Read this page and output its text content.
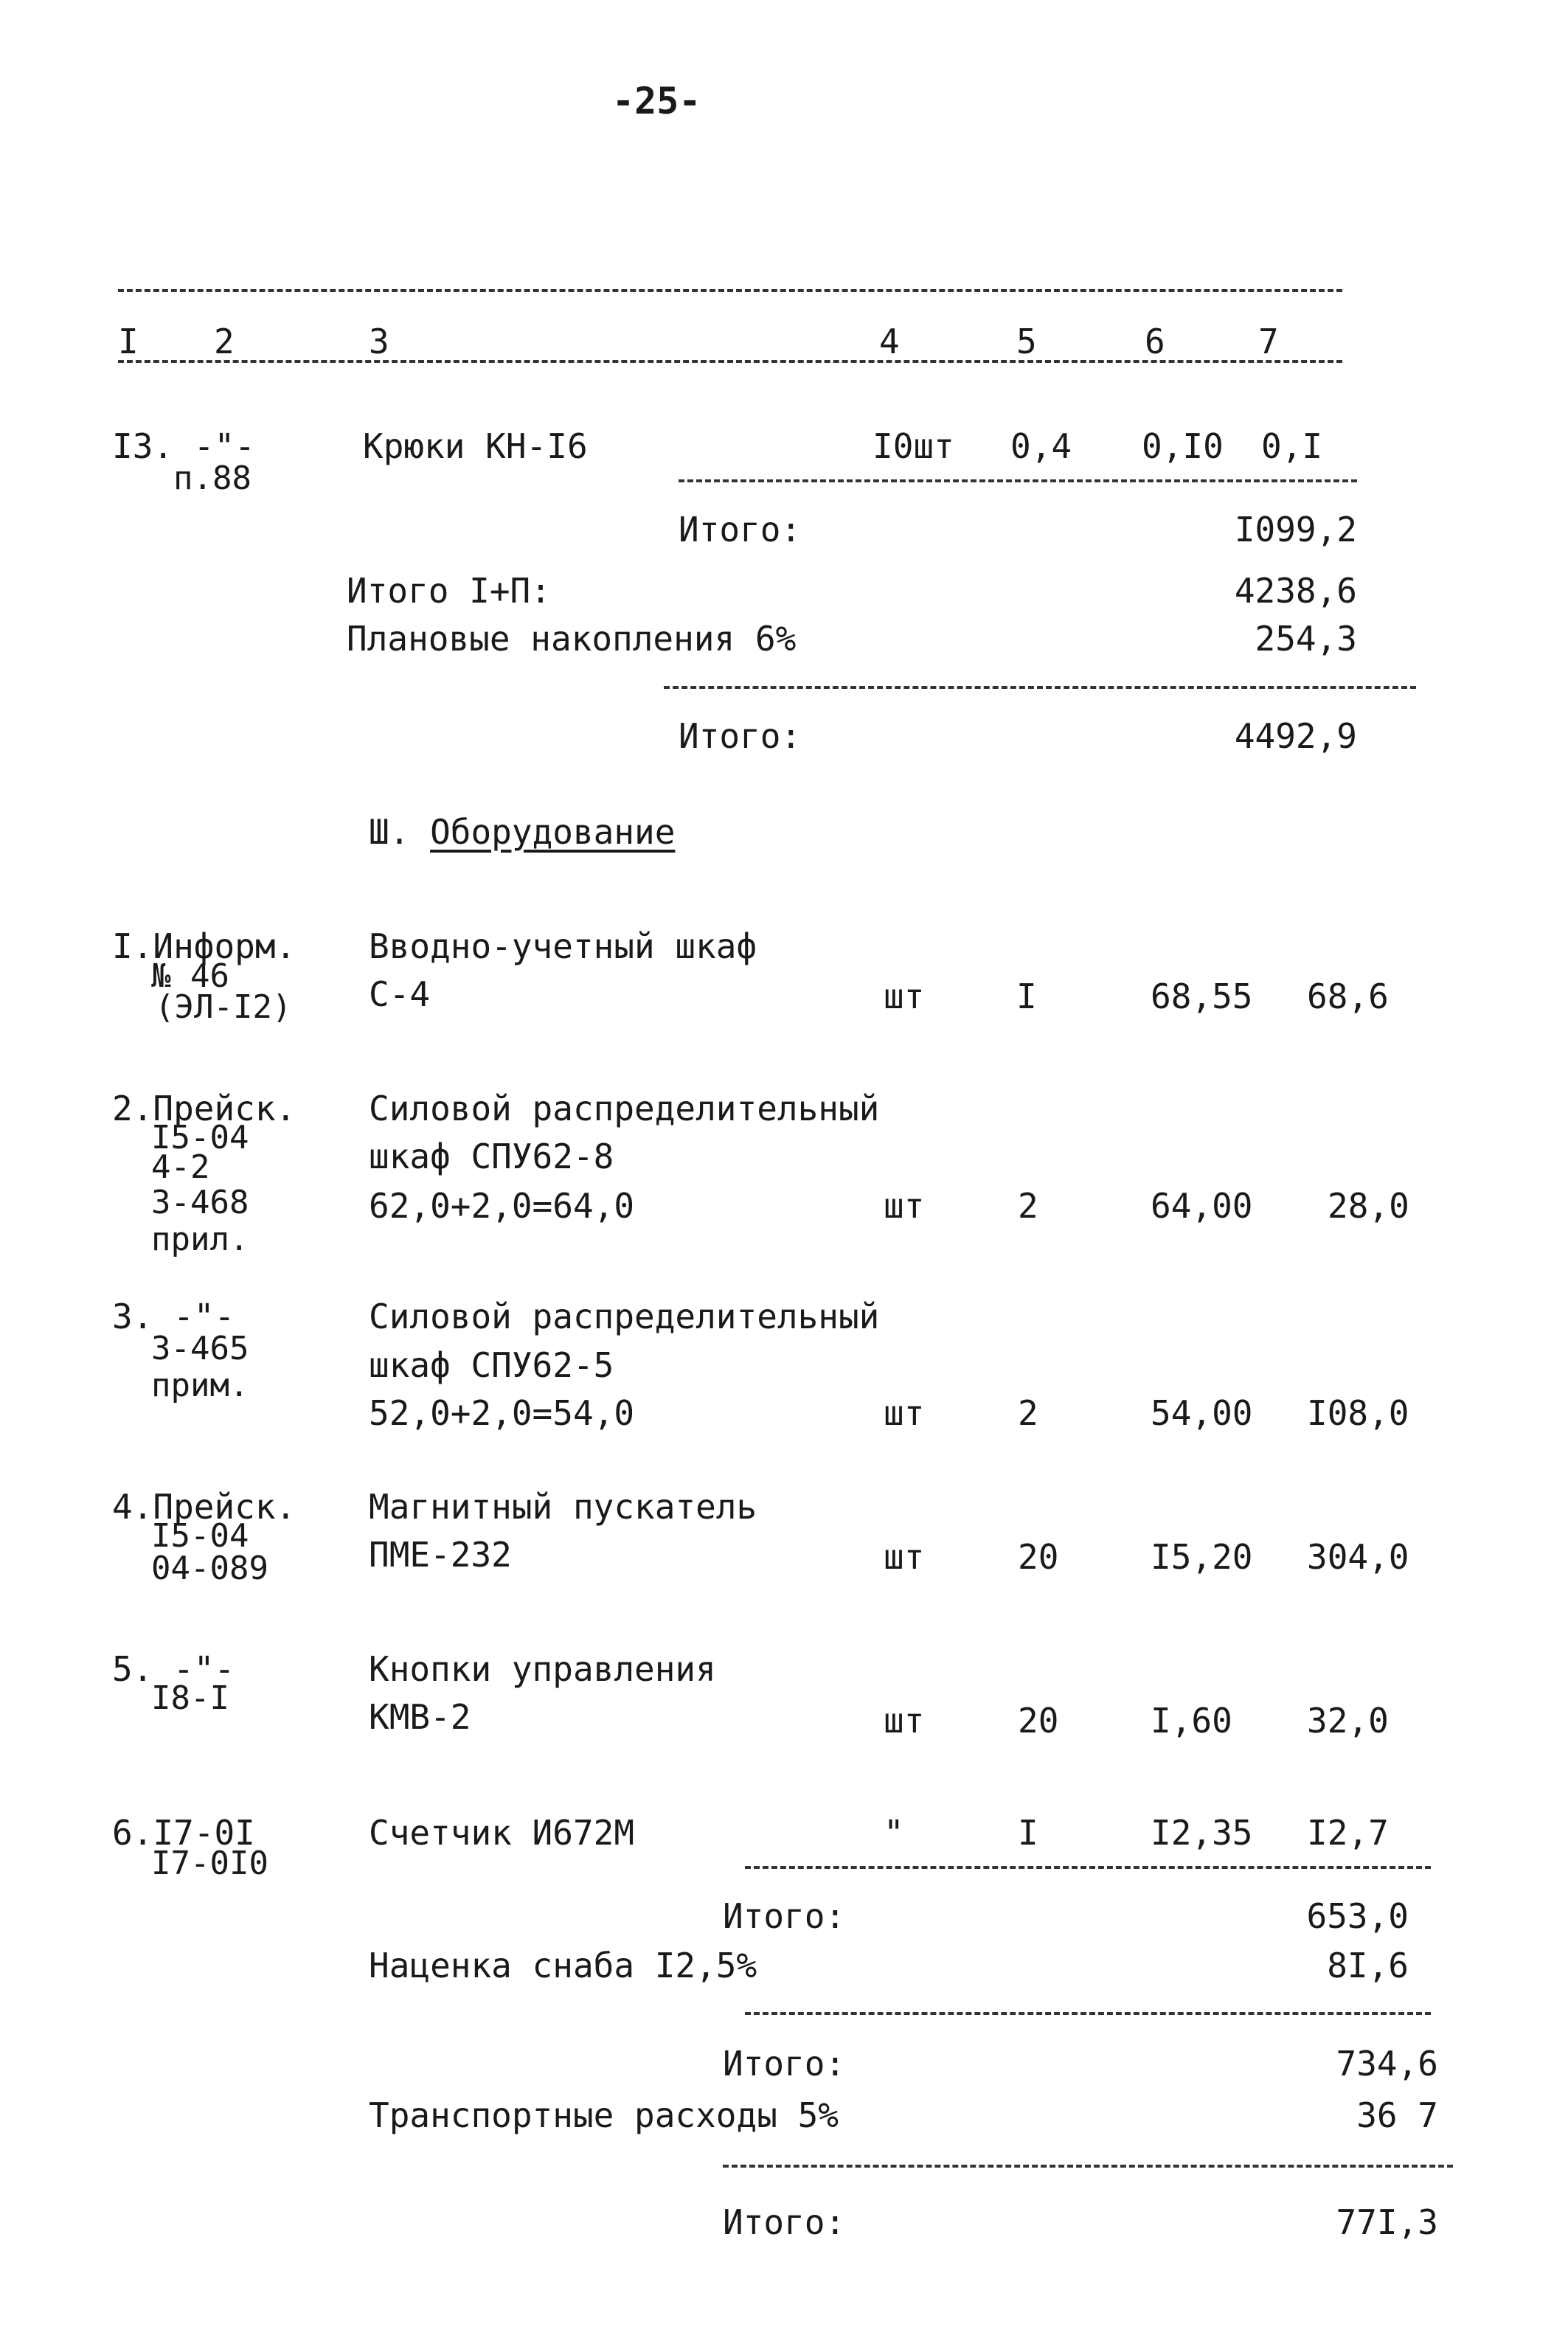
-25-
I 2	3	4	5	6	7
I3. -"-
п.88
Крюки КН-I6	I0шт 0,4 0,I0 0,I
Итого:	I099,2
Итого I+П:	4238,6
Плановые накопления 6%	254,3
Итого:	4492,9
Ш. Оборудование
I.Информ.
№ 46
(ЭЛ-I2)
Вводно-учетный шкаф
С-4	шт	I	68,55 68,6
2.Прейск.
I5-04
4-2
3-468
прил.
Силовой распределительный
шкаф СПУ62-8
62,0+2,0=64,0	шт	2	64,00 28,0
3. -"-
3-465
прим.
Силовой распределительный
шкаф СПУ62-5
52,0+2,0=54,0	шт	2	54,00 I08,0
4.Прейск.
I5-04
04-089
Магнитный пускатель
ПМЕ-232	шт	20	I5,20 304,0
5. -"-
I8-I
Кнопки управления
КМВ-2	шт	20	I,60 32,0
6.I7-0I
I7-0I0
Счетчик И672М	"	I	I2,35 I2,7
Итого:	653,0
Наценка снаба I2,5%	8I,6
Итого:	734,6
Транспортные расходы 5%	36 7
Итого:	77I,3
